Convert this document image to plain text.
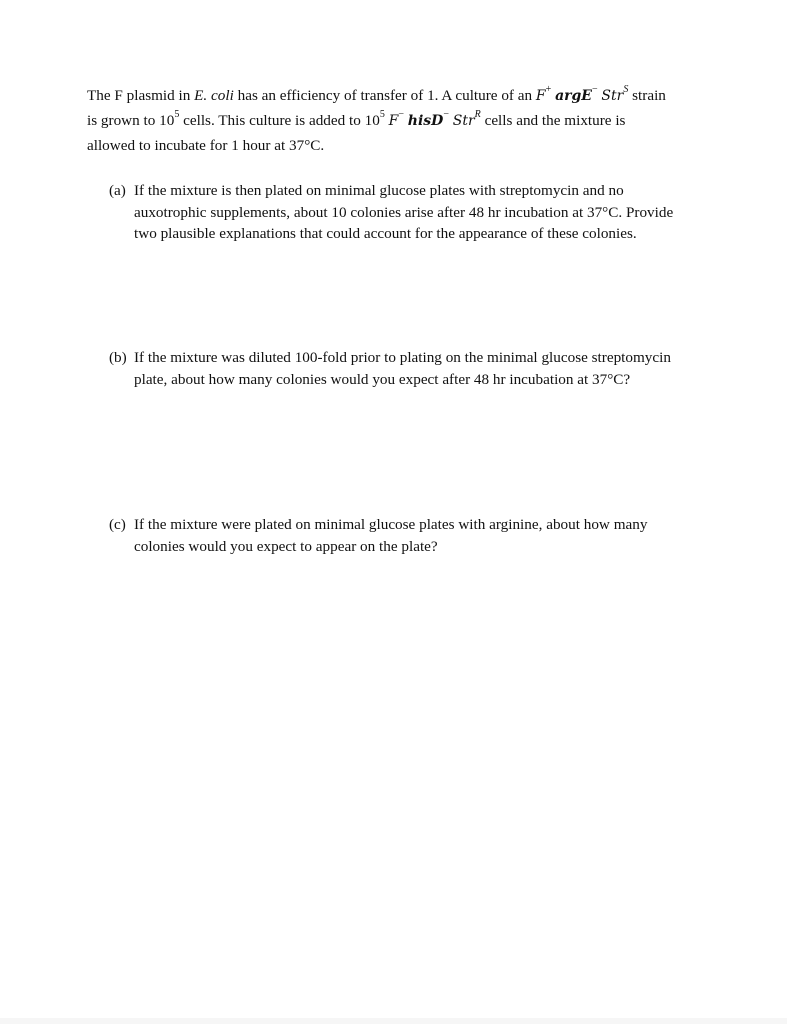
The F plasmid in E. coli has an efficiency of transfer of 1. A culture of an F+ argE− Str$^S$ strain
is grown to $10^5$ cells. This culture is added to $10^5$ F− hisD− Str$^R$ cells and the mixture is
allowed to incubate for 1 hour at 37°C.
(a) If the mixture is then plated on minimal glucose plates with streptomycin and no
auxotrophic supplements, about 10 colonies arise after 48 hr incubation at 37°C. Provide
two plausible explanations that could account for the appearance of these colonies.
(b) If the mixture was diluted 100-fold prior to plating on the minimal glucose streptomycin
plate, about how many colonies would you expect after 48 hr incubation at 37°C?
(c) If the mixture were plated on minimal glucose plates with arginine, about how many
colonies would you expect to appear on the plate?
